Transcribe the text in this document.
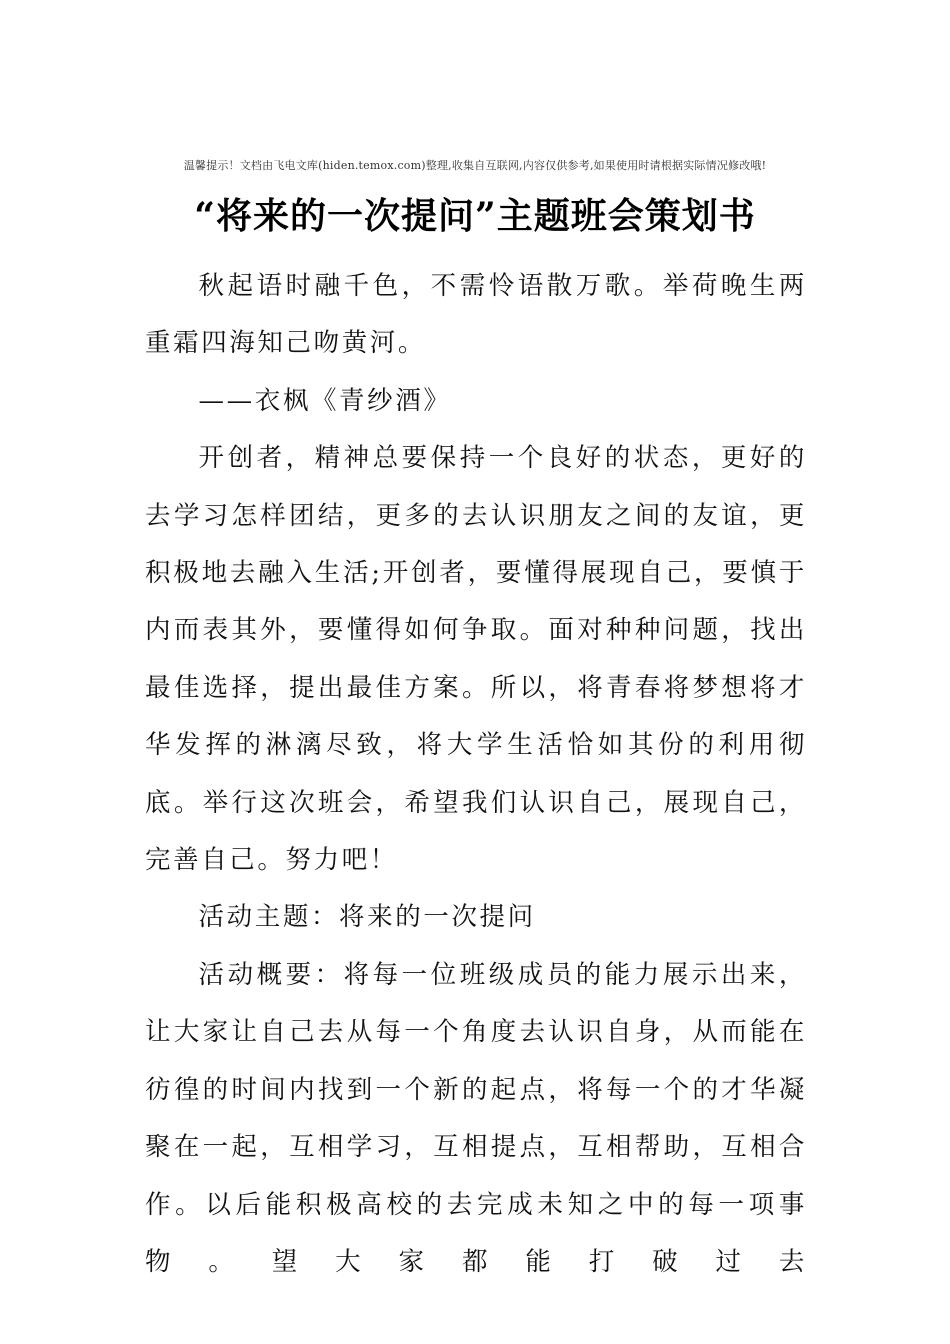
温馨提示！文档由飞电文库(hiden.temox.com)整理,收集自互联网,内容仅供参考,如果使用时请根据实际情况修改哦!
“将来的一次提问”主题班会策划书

秋起语时融千色，不需怜语散万歌。举荷晚生两重霜四海知己吻黄河。

——衣枫《青纱酒》

开创者，精神总要保持一个良好的状态，更好的去学习怎样团结，更多的去认识朋友之间的友谊，更积极地去融入生活;开创者，要懂得展现自己，要慎于内而表其外，要懂得如何争取。面对种种问题，找出最佳选择，提出最佳方案。所以，将青春将梦想将才华发挥的淋漓尽致，将大学生活恰如其份的利用彻底。举行这次班会，希望我们认识自己，展现自己，完善自己。努力吧！

活动主题：将来的一次提问

活动概要：将每一位班级成员的能力展示出来，让大家让自己去从每一个角度去认识自身，从而能在彷徨的时间内找到一个新的起点，将每一个的才华凝聚在一起，互相学习，互相提点，互相帮助，互相合作。以后能积极高校的去完成未知之中的每一项事物。望大家都能打破过去
